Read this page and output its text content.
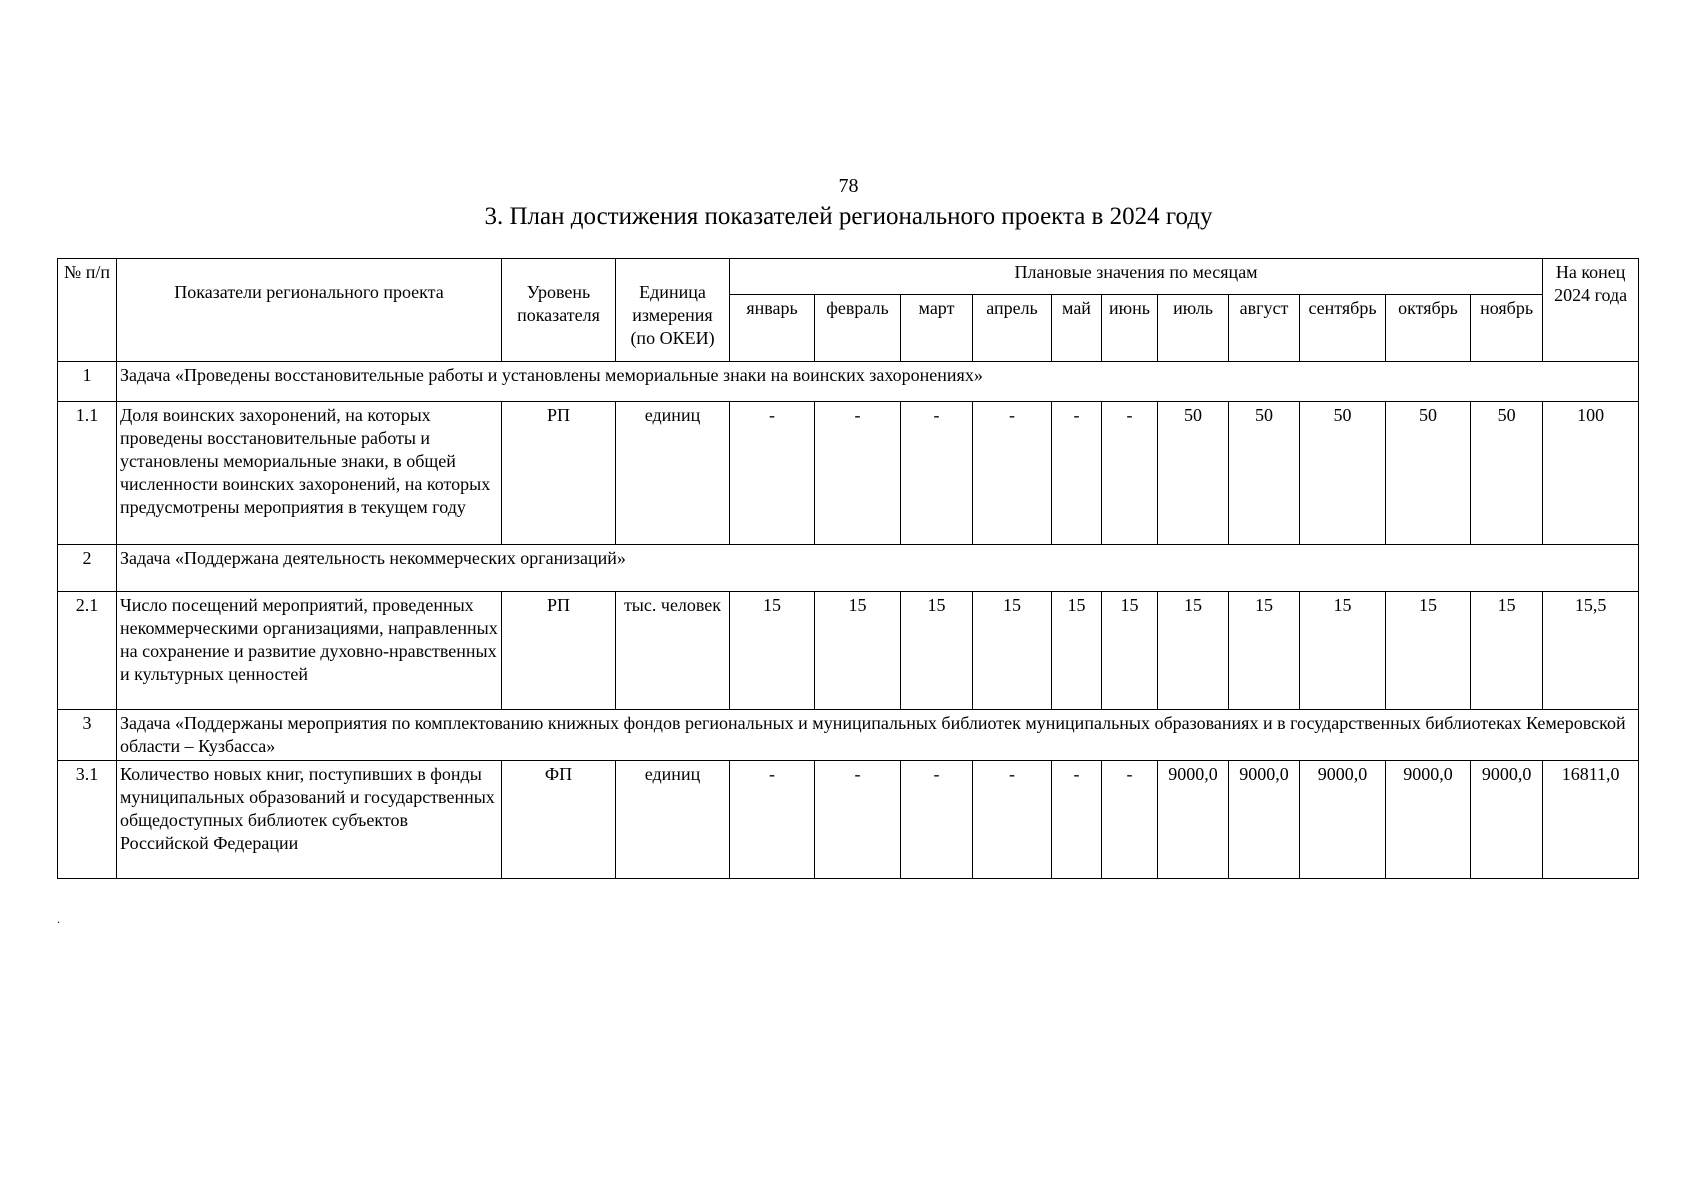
78
3. План достижения показателей регионального проекта в 2024 году
№ п/п	Показатели регионального проекта	Уровень показателя	Единица измерения (по ОКЕИ)	Плановые значения по месяцам											На конец 2024 года
				январь	февраль	март	апрель	май	июнь	июль	август	сентябрь	октябрь	ноябрь	
1	Задача «Проведены восстановительные работы и установлены мемориальные знаки на воинских захоронениях»														
1.1	Доля воинских захоронений, на которых проведены восстановительные работы и установлены мемориальные знаки, в общей численности воинских захоронений, на которых предусмотрены мероприятия в текущем году	РП	единиц	-	-	-	-	-	-	50	50	50	50	50	100
2	Задача «Поддержана деятельность некоммерческих организаций»														
2.1	Число посещений мероприятий, проведенных некоммерческими организациями, направленных на сохранение и развитие духовно-нравственных и культурных ценностей	РП	тыс. человек	15	15	15	15	15	15	15	15	15	15	15	15,5
3	Задача «Поддержаны мероприятия по комплектованию книжных фондов региональных и муниципальных библиотек муниципальных образованиях и в государственных библиотеках Кемеровской области – Кузбасса»														
3.1	Количество новых книг, поступивших в фонды муниципальных образований и государственных общедоступных библиотек субъектов Российской Федерации	ФП	единиц	-	-	-	-	-	-	9000,0	9000,0	9000,0	9000,0	9000,0	16811,0
.
